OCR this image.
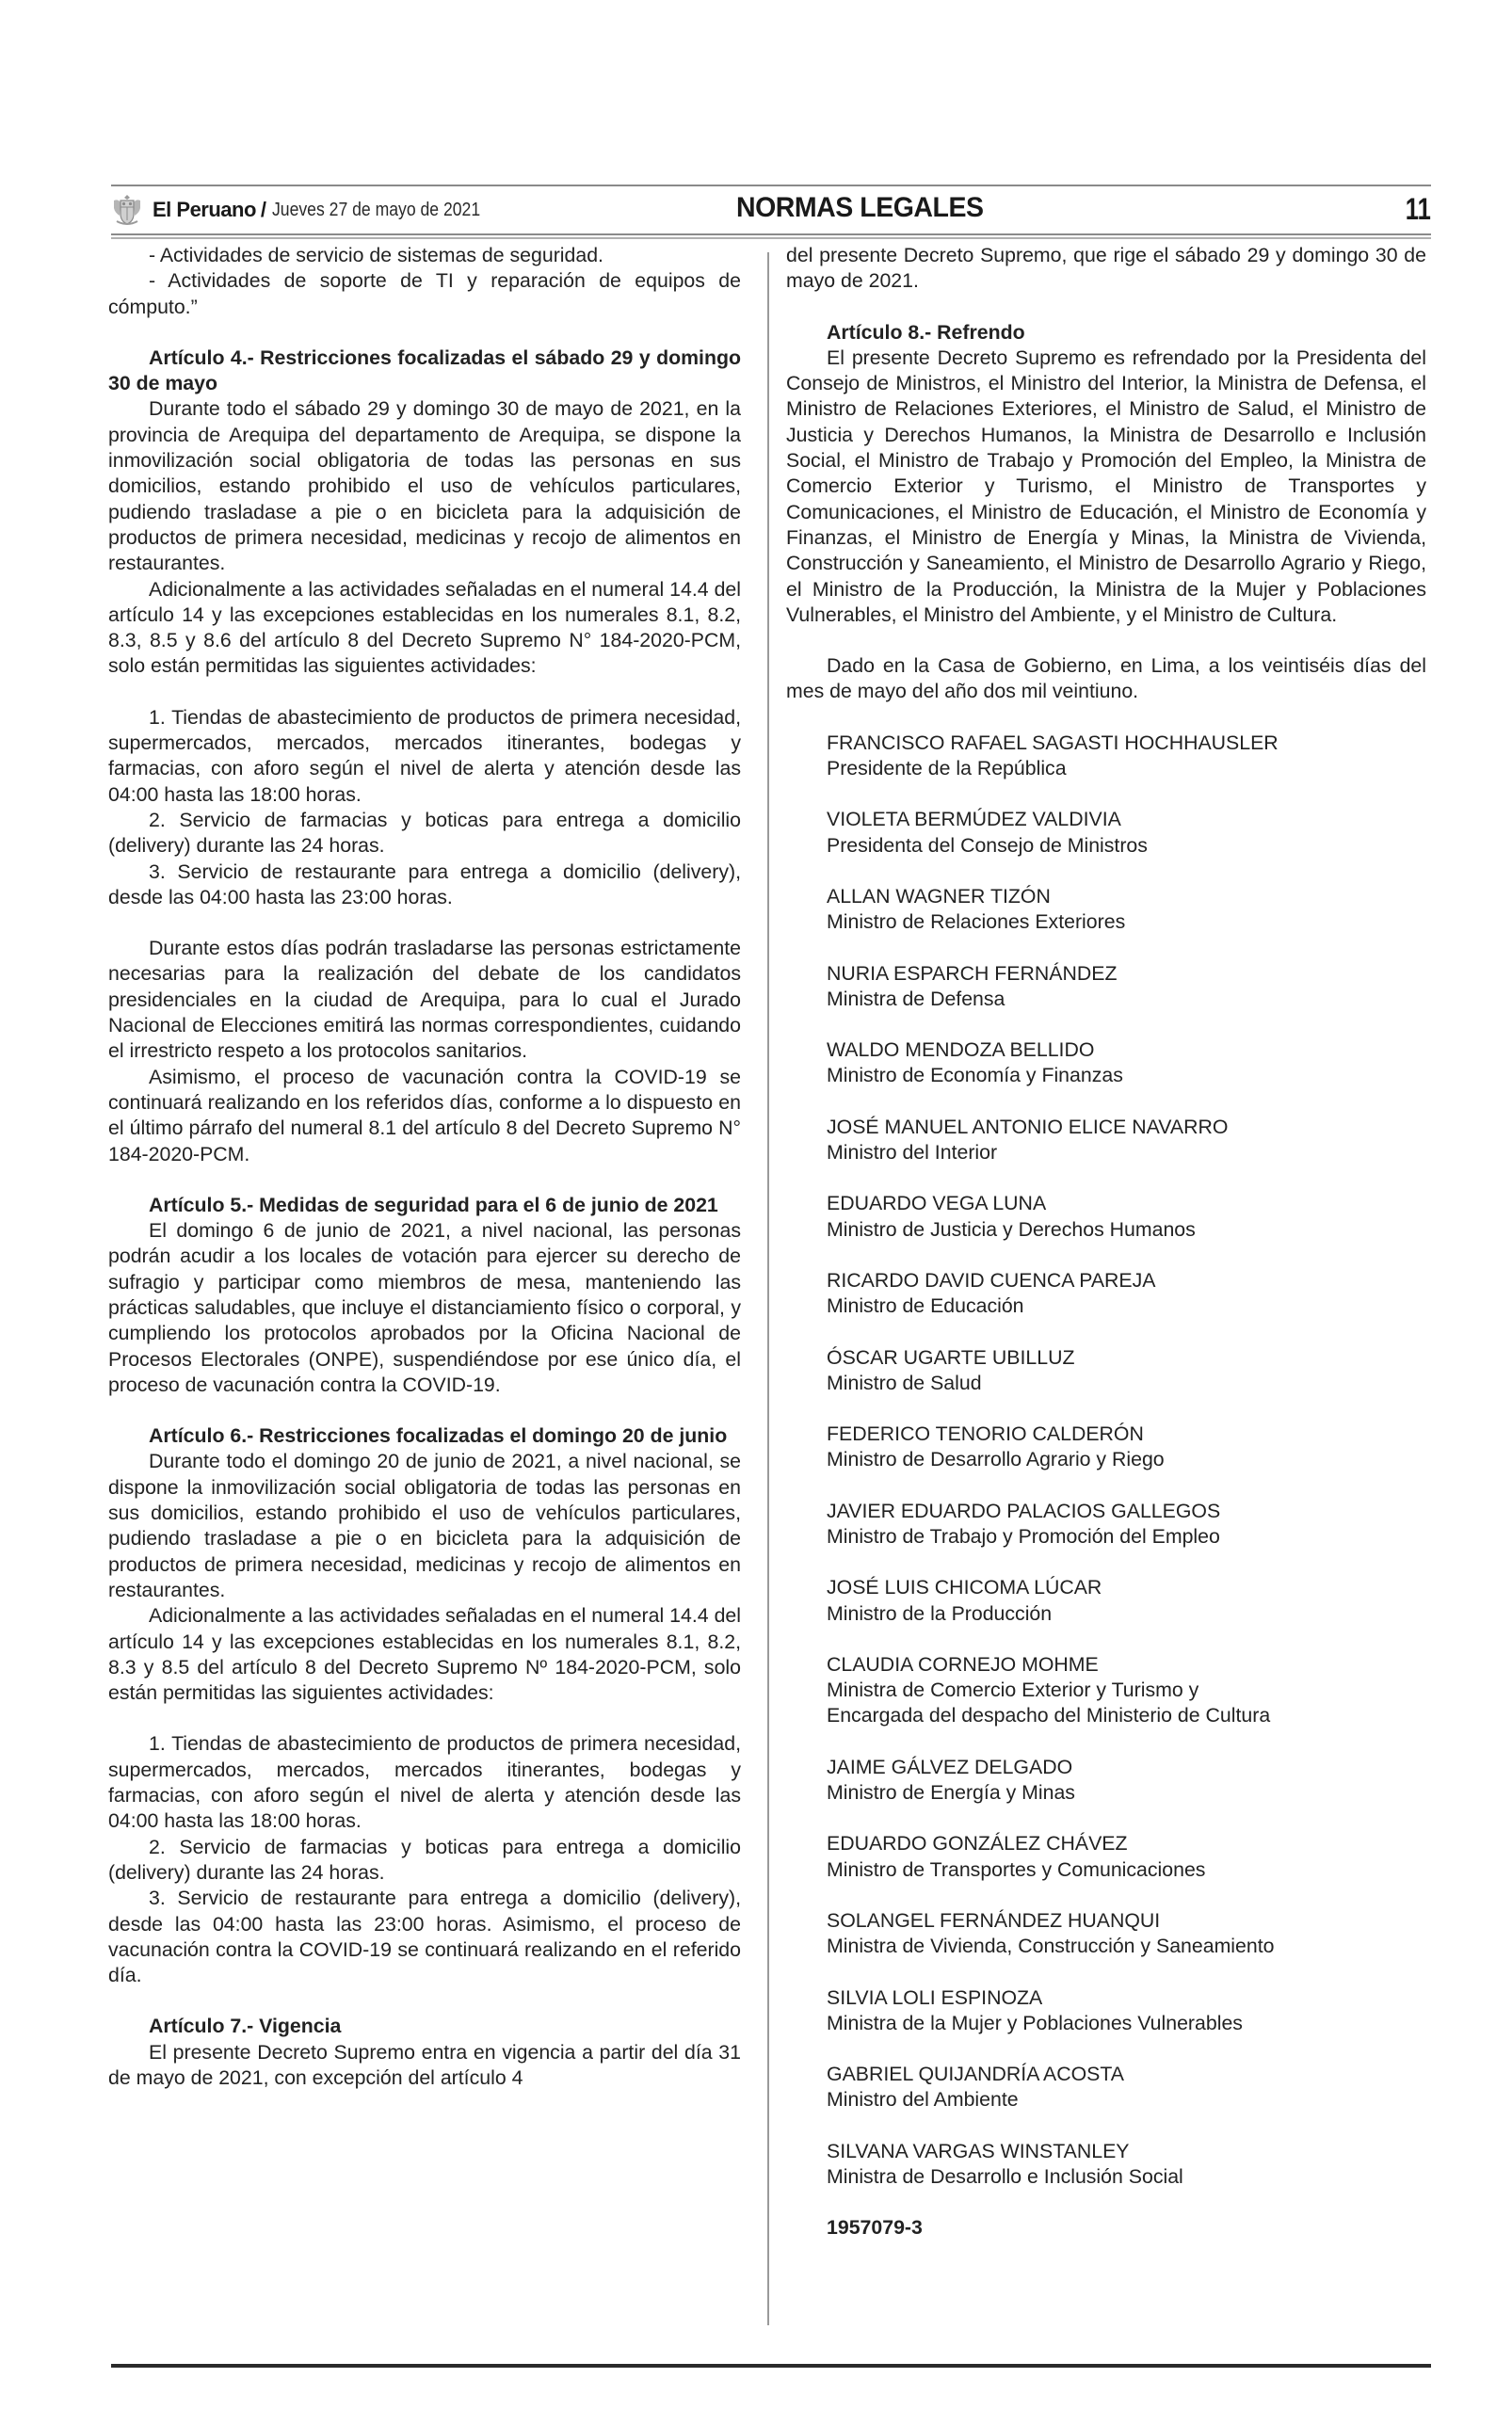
El Peruano / Jueves 27 de mayo de 2021	NORMAS LEGALES	11

- Actividades de servicio de sistemas de seguridad.

- Actividades de soporte de TI y reparación de equipos de cómputo.”

Artículo 4.- Restricciones focalizadas el sábado 29 y domingo 30 de mayo

Durante todo el sábado 29 y domingo 30 de mayo de 2021, en la provincia de Arequipa del departamento de Arequipa, se dispone la inmovilización social obligatoria de todas las personas en sus domicilios, estando prohibido el uso de vehículos particulares, pudiendo trasladase a pie o en bicicleta para la adquisición de productos de primera necesidad, medicinas y recojo de alimentos en restaurantes.

Adicionalmente a las actividades señaladas en el numeral 14.4 del artículo 14 y las excepciones establecidas en los numerales 8.1, 8.2, 8.3, 8.5 y 8.6 del artículo 8 del Decreto Supremo N° 184-2020-PCM, solo están permitidas las siguientes actividades:

1. Tiendas de abastecimiento de productos de primera necesidad, supermercados, mercados, mercados itinerantes, bodegas y farmacias, con aforo según el nivel de alerta y atención desde las 04:00 hasta las 18:00 horas.

2. Servicio de farmacias y boticas para entrega a domicilio (delivery) durante las 24 horas.

3. Servicio de restaurante para entrega a domicilio (delivery), desde las 04:00 hasta las 23:00 horas.

Durante estos días podrán trasladarse las personas estrictamente necesarias para la realización del debate de los candidatos presidenciales en la ciudad de Arequipa, para lo cual el Jurado Nacional de Elecciones emitirá las normas correspondientes, cuidando el irrestricto respeto a los protocolos sanitarios.

Asimismo, el proceso de vacunación contra la COVID-19 se continuará realizando en los referidos días, conforme a lo dispuesto en el último párrafo del numeral 8.1 del artículo 8 del Decreto Supremo N° 184-2020-PCM.

Artículo 5.- Medidas de seguridad para el 6 de junio de 2021

El domingo 6 de junio de 2021, a nivel nacional, las personas podrán acudir a los locales de votación para ejercer su derecho de sufragio y participar como miembros de mesa, manteniendo las prácticas saludables, que incluye el distanciamiento físico o corporal, y cumpliendo los protocolos aprobados por la Oficina Nacional de Procesos Electorales (ONPE), suspendiéndose por ese único día, el proceso de vacunación contra la COVID-19.

Artículo 6.- Restricciones focalizadas el domingo 20 de junio

Durante todo el domingo 20 de junio de 2021, a nivel nacional, se dispone la inmovilización social obligatoria de todas las personas en sus domicilios, estando prohibido el uso de vehículos particulares, pudiendo trasladase a pie o en bicicleta para la adquisición de productos de primera necesidad, medicinas y recojo de alimentos en restaurantes.

Adicionalmente a las actividades señaladas en el numeral 14.4 del artículo 14 y las excepciones establecidas en los numerales 8.1, 8.2, 8.3 y 8.5 del artículo 8 del Decreto Supremo Nº 184-2020-PCM, solo están permitidas las siguientes actividades:

1. Tiendas de abastecimiento de productos de primera necesidad, supermercados, mercados, mercados itinerantes, bodegas y farmacias, con aforo según el nivel de alerta y atención desde las 04:00 hasta las 18:00 horas.

2. Servicio de farmacias y boticas para entrega a domicilio (delivery) durante las 24 horas.

3. Servicio de restaurante para entrega a domicilio (delivery), desde las 04:00 hasta las 23:00 horas. Asimismo, el proceso de vacunación contra la COVID-19 se continuará realizando en el referido día.

Artículo 7.- Vigencia

El presente Decreto Supremo entra en vigencia a partir del día 31 de mayo de 2021, con excepción del artículo 4

del presente Decreto Supremo, que rige el sábado 29 y domingo 30 de mayo de 2021.

Artículo 8.- Refrendo

El presente Decreto Supremo es refrendado por la Presidenta del Consejo de Ministros, el Ministro del Interior, la Ministra de Defensa, el Ministro de Relaciones Exteriores, el Ministro de Salud, el Ministro de Justicia y Derechos Humanos, la Ministra de Desarrollo e Inclusión Social, el Ministro de Trabajo y Promoción del Empleo, la Ministra de Comercio Exterior y Turismo, el Ministro de Transportes y Comunicaciones, el Ministro de Educación, el Ministro de Economía y Finanzas, el Ministro de Energía y Minas, la Ministra de Vivienda, Construcción y Saneamiento, el Ministro de Desarrollo Agrario y Riego, el Ministro de la Producción, la Ministra de la Mujer y Poblaciones Vulnerables, el Ministro del Ambiente, y el Ministro de Cultura.

Dado en la Casa de Gobierno, en Lima, a los veintiséis días del mes de mayo del año dos mil veintiuno.

FRANCISCO RAFAEL SAGASTI HOCHHAUSLER
Presidente de la República
VIOLETA BERMÚDEZ VALDIVIA
Presidenta del Consejo de Ministros
ALLAN WAGNER TIZÓN
Ministro de Relaciones Exteriores
NURIA ESPARCH FERNÁNDEZ
Ministra de Defensa
WALDO MENDOZA BELLIDO
Ministro de Economía y Finanzas
JOSÉ MANUEL ANTONIO ELICE NAVARRO
Ministro del Interior
EDUARDO VEGA LUNA
Ministro de Justicia y Derechos Humanos
RICARDO DAVID CUENCA PAREJA
Ministro de Educación
ÓSCAR UGARTE UBILLUZ
Ministro de Salud
FEDERICO TENORIO CALDERÓN
Ministro de Desarrollo Agrario y Riego
JAVIER EDUARDO PALACIOS GALLEGOS
Ministro de Trabajo y Promoción del Empleo
JOSÉ LUIS CHICOMA LÚCAR
Ministro de la Producción
CLAUDIA CORNEJO MOHME
Ministra de Comercio Exterior y Turismo y
Encargada del despacho del Ministerio de Cultura
JAIME GÁLVEZ DELGADO
Ministro de Energía y Minas
EDUARDO GONZÁLEZ CHÁVEZ
Ministro de Transportes y Comunicaciones
SOLANGEL FERNÁNDEZ HUANQUI
Ministra de Vivienda, Construcción y Saneamiento
SILVIA LOLI ESPINOZA
Ministra de la Mujer y Poblaciones Vulnerables
GABRIEL QUIJANDRÍA ACOSTA
Ministro del Ambiente
SILVANA VARGAS WINSTANLEY
Ministra de Desarrollo e Inclusión Social
1957079-3
